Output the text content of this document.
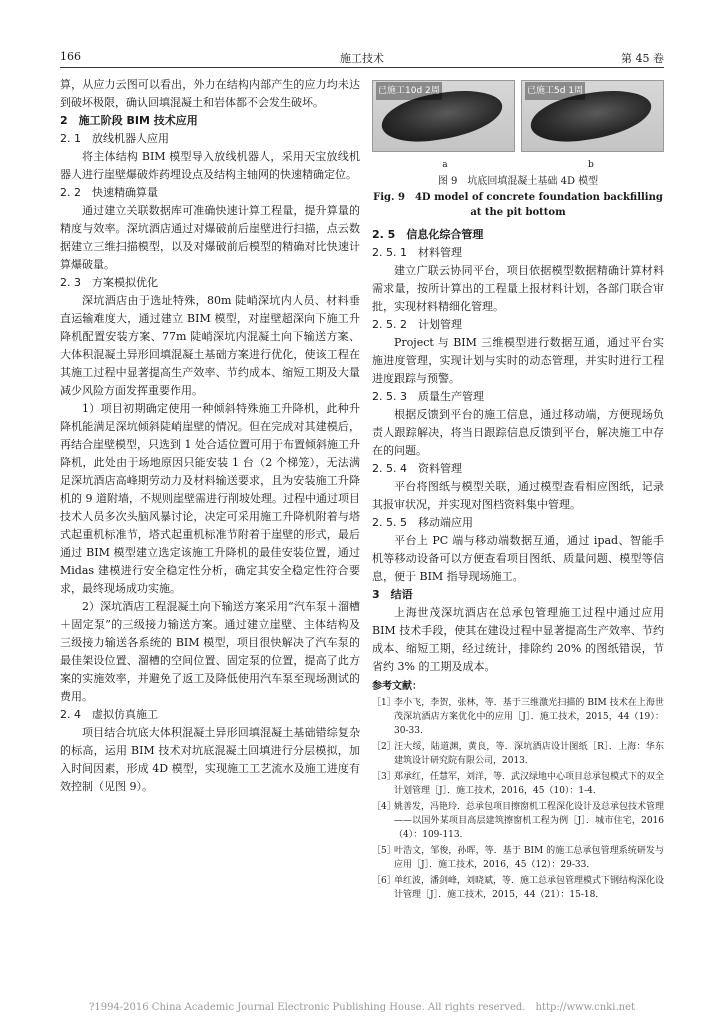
166	施工技术	第 45 卷

算，从应力云图可以看出，外力在结构内部产生的应力均未达到破坏极限，确认回填混凝土和岩体都不会发生破坏。

2　施工阶段 BIM 技术应用

2. 1　放线机器人应用

将主体结构 BIM 模型导入放线机器人，采用天宝放线机器人进行崖壁爆破炸药埋设点及结构主轴网的快速精确定位。

2. 2　快速精确算量

通过建立关联数据库可准确快速计算工程量，提升算量的精度与效率。深坑酒店通过对爆破前后崖壁进行扫描，点云数据建立三维扫描模型，以及对爆破前后模型的精确对比快速计算爆破量。

2. 3　方案模拟优化

深坑酒店由于选址特殊，80m 陡峭深坑内人员、材料垂直运输难度大，通过建立 BIM 模型，对崖壁超深向下施工升降机配置安装方案、77m 陡峭深坑内混凝土向下输送方案、大体积混凝土异形回填混凝土基础方案进行优化，使该工程在其施工过程中显著提高生产效率、节约成本、缩短工期及大量减少风险方面发挥重要作用。

1）项目初期确定使用一种倾斜特殊施工升降机，此种升降机能满足深坑倾斜陡峭崖壁的情况。但在完成对其建模后，再结合崖壁模型，只选到 1 处合适位置可用于布置倾斜施工升降机，此处由于场地原因只能安装 1 台（2 个梯笼），无法满足深坑酒店高峰期劳动力及材料输送要求，且为安装施工升降机的 9 道附墙，不规则崖壁需进行削坡处理。过程中通过项目技术人员多次头脑风暴讨论，决定可采用施工升降机附着与塔式起重机标准节，塔式起重机标准节附着于崖壁的形式，最后通过 BIM 模型建立选定该施工升降机的最佳安装位置，通过 Midas 建模进行安全稳定性分析，确定其安全稳定性符合要求，最终现场成功实施。

2）深坑酒店工程混凝土向下输送方案采用“汽车泵＋溜槽＋固定泵”的三级接力输送方案。通过建立崖壁、主体结构及三级接力输送各系统的 BIM 模型，项目很快解决了汽车泵的最佳架设位置、溜槽的空间位置、固定泵的位置，提高了此方案的实施效率，并避免了返工及降低使用汽车泵至现场测试的费用。

2. 4　虚拟仿真施工

项目结合坑底大体积混凝土异形回填混凝土基础错综复杂的标高，运用 BIM 技术对坑底混凝土回填进行分层模拟，加入时间因素，形成 4D 模型，实现施工工艺流水及施工进度有效控制（见图 9）。

已施工10d 2周	已施工5d 1周
a	b
图 9　坑底回填混凝土基础 4D 模型
Fig. 9　4D model of concrete foundation backfilling at the pit bottom

2. 5　信息化综合管理

2. 5. 1　材料管理

建立广联云协同平台，项目依据模型数据精确计算材料需求量，按所计算出的工程量上报材料计划，各部门联合审批，实现材料精细化管理。

2. 5. 2　计划管理

Project 与 BIM 三维模型进行数据互通，通过平台实施进度管理，实现计划与实时的动态管理，并实时进行工程进度跟踪与预警。

2. 5. 3　质量生产管理

根据反馈到平台的施工信息，通过移动端，方便现场负责人跟踪解决，将当日跟踪信息反馈到平台，解决施工中存在的问题。

2. 5. 4　资料管理

平台将图纸与模型关联，通过模型查看相应图纸，记录其报审状况，并实现对图档资料集中管理。

2. 5. 5　移动端应用

平台上 PC 端与移动端数据互通，通过 ipad、智能手机等移动设备可以方便查看项目图纸、质量问题、模型等信息，便于 BIM 指导现场施工。

3　结语

上海世茂深坑酒店在总承包管理施工过程中通过应用 BIM 技术手段，使其在建设过程中显著提高生产效率、节约成本、缩短工期，经过统计，排除约 20% 的图纸错误，节省约 3% 的工期及成本。

参考文献：
［1］
李小飞，李贺，张林，等．基于三维激光扫描的 BIM 技术在上海世茂深坑酒店方案优化中的应用［J］．施工技术，2015，44（19）：30-33．
［2］
汪大绥，陆道渊，黄良，等．深坑酒店设计图纸［R］．上海：华东建筑设计研究院有限公司，2013．
［3］
郑承红，任慧军，刘洋，等．武汉绿地中心项目总承包模式下的双全计划管理［J］．施工技术，2016，45（10）：1-4．
［4］
姚善发，冯艳玲．总承包项目擦窗机工程深化设计及总承包技术管理——以国外某项目高层建筑擦窗机工程为例［J］．城市住宅，2016（4）：109-113．
［5］
叶浩文，邹俊，孙晖，等．基于 BIM 的施工总承包管理系统研发与应用［J］．施工技术，2016，45（12）：29-33．
［6］
单红波，潘剑峰，刘晓斌，等．施工总承包管理模式下钢结构深化设计管理［J］．施工技术，2015，44（21）：15-18．
?1994-2016 China Academic Journal Electronic Publishing House. All rights reserved.　http://www.cnki.net
